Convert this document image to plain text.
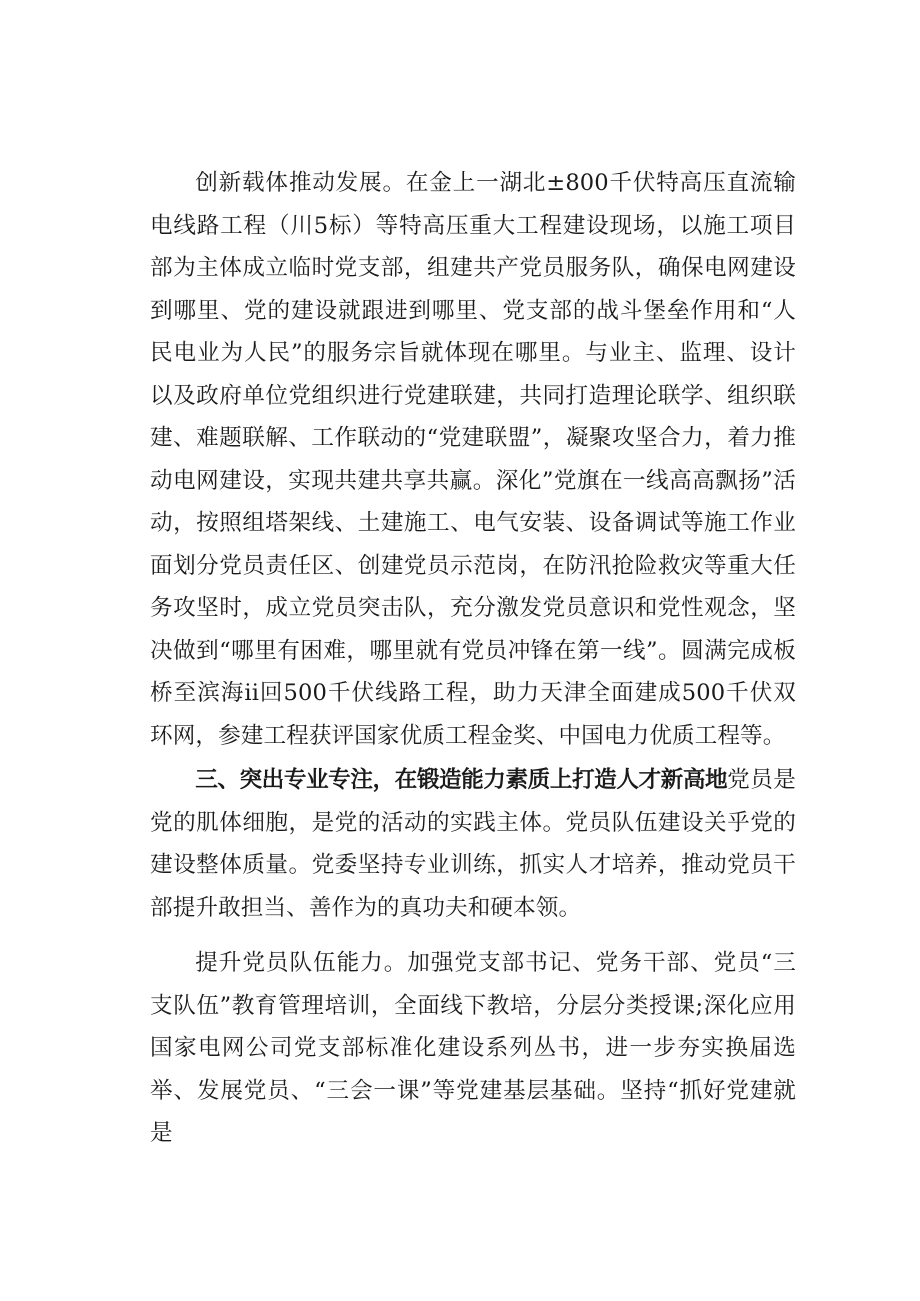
创新载体推动发展。在金上一湖北±800千伏特高压直流输电线路工程（川5标）等特高压重大工程建设现场，以施工项目部为主体成立临时党支部，组建共产党员服务队，确保电网建设到哪里、党的建设就跟进到哪里、党支部的战斗堡垒作用和“人民电业为人民”的服务宗旨就体现在哪里。与业主、监理、设计以及政府单位党组织进行党建联建，共同打造理论联学、组织联建、难题联解、工作联动的“党建联盟”，凝聚攻坚合力，着力推动电网建设，实现共建共享共赢。深化”党旗在一线高高飘扬”活动，按照组塔架线、土建施工、电气安装、设备调试等施工作业面划分党员责任区、创建党员示范岗，在防汛抢险救灾等重大任务攻坚时，成立党员突击队，充分激发党员意识和党性观念，坚决做到“哪里有困难，哪里就有党员冲锋在第一线”。圆满完成板桥至滨海ii回500千伏线路工程，助力天津全面建成500千伏双环网，参建工程获评国家优质工程金奖、中国电力优质工程等。

三、突出专业专注，在锻造能力素质上打造人才新高地党员是党的肌体细胞，是党的活动的实践主体。党员队伍建设关乎党的建设整体质量。党委坚持专业训练，抓实人才培养，推动党员干部提升敢担当、善作为的真功夫和硬本领。

提升党员队伍能力。加强党支部书记、党务干部、党员“三支队伍”教育管理培训，全面线下教培，分层分类授课;深化应用国家电网公司党支部标准化建设系列丛书，进一步夯实换届选举、发展党员、“三会一课”等党建基层基础。坚持“抓好党建就是
